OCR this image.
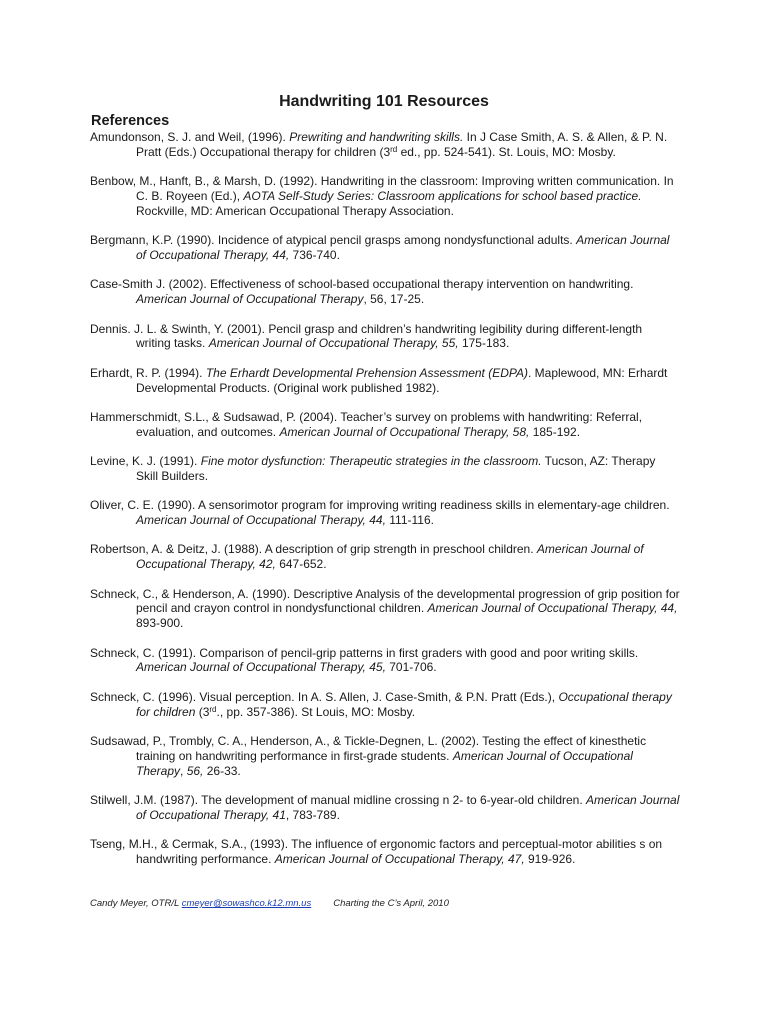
Handwriting 101 Resources
References

Amundonson, S. J. and Weil, (1996). Prewriting and handwriting skills. In J Case Smith, A. S. & Allen, & P. N. Pratt (Eds.) Occupational therapy for children (3rd ed., pp. 524-541). St. Louis, MO: Mosby.

Benbow, M., Hanft, B., & Marsh, D. (1992). Handwriting in the classroom: Improving written communication. In C. B. Royeen (Ed.), AOTA Self-Study Series: Classroom applications for school based practice. Rockville, MD: American Occupational Therapy Association.

Bergmann, K.P. (1990). Incidence of atypical pencil grasps among nondysfunctional adults. American Journal of Occupational Therapy, 44, 736-740.

Case-Smith J. (2002). Effectiveness of school-based occupational therapy intervention on handwriting. American Journal of Occupational Therapy, 56, 17-25.

Dennis. J. L. & Swinth, Y. (2001). Pencil grasp and children’s handwriting legibility during different-length writing tasks. American Journal of Occupational Therapy, 55, 175-183.

Erhardt, R. P. (1994). The Erhardt Developmental Prehension Assessment (EDPA). Maplewood, MN: Erhardt Developmental Products. (Original work published 1982).

Hammerschmidt, S.L., & Sudsawad, P. (2004). Teacher’s survey on problems with handwriting: Referral, evaluation, and outcomes. American Journal of Occupational Therapy, 58, 185-192.

Levine, K. J. (1991). Fine motor dysfunction: Therapeutic strategies in the classroom. Tucson, AZ: Therapy Skill Builders.

Oliver, C. E. (1990). A sensorimotor program for improving writing readiness skills in elementary-age children. American Journal of Occupational Therapy, 44, 111-116.

Robertson, A. & Deitz, J. (1988). A description of grip strength in preschool children. American Journal of Occupational Therapy, 42, 647-652.

Schneck, C., & Henderson, A. (1990). Descriptive Analysis of the developmental progression of grip position for pencil and crayon control in nondysfunctional children. American Journal of Occupational Therapy, 44, 893-900.

Schneck, C. (1991). Comparison of pencil-grip patterns in first graders with good and poor writing skills. American Journal of Occupational Therapy, 45, 701-706.

Schneck, C. (1996). Visual perception. In A. S. Allen, J. Case-Smith, & P.N. Pratt (Eds.), Occupational therapy for children (3rd., pp. 357-386). St Louis, MO: Mosby.

Sudsawad, P., Trombly, C. A., Henderson, A., & Tickle-Degnen, L. (2002). Testing the effect of kinesthetic training on handwriting performance in first-grade students. American Journal of Occupational Therapy, 56, 26-33.

Stilwell, J.M. (1987). The development of manual midline crossing n 2- to 6-year-old children. American Journal of Occupational Therapy, 41, 783-789.

Tseng, M.H., & Cermak, S.A., (1993). The influence of ergonomic factors and perceptual-motor abilities s on handwriting performance. American Journal of Occupational Therapy, 47, 919-926.

Candy Meyer, OTR/L cmeyer@sowashco.k12.mn.us Charting the C’s April, 2010
